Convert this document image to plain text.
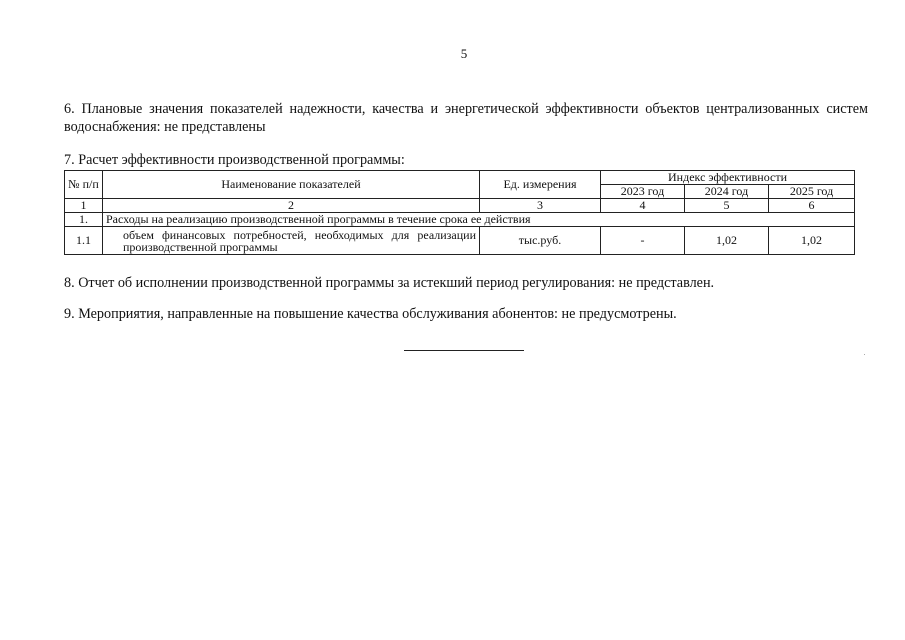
5
6. Плановые значения показателей надежности, качества и энергетической эффективности объектов централизованных систем водоснабжения: не представлены
7. Расчет эффективности производственной программы:
№ п/п	Наименование показателей	Ед. измерения	Индекс эффективности		
			2023 год	2024 год	2025 год
1	2	3	4	5	6
1.	Расходы на реализацию производственной программы в течение срока ее действия				
1.1	объем финансовых потребностей, необходимых для реализации производственной программы	тыс.руб.	-	1,02	1,02
8. Отчет об исполнении производственной программы за истекший период регулирования: не представлен.
9. Мероприятия, направленные на повышение качества обслуживания абонентов: не предусмотрены.
